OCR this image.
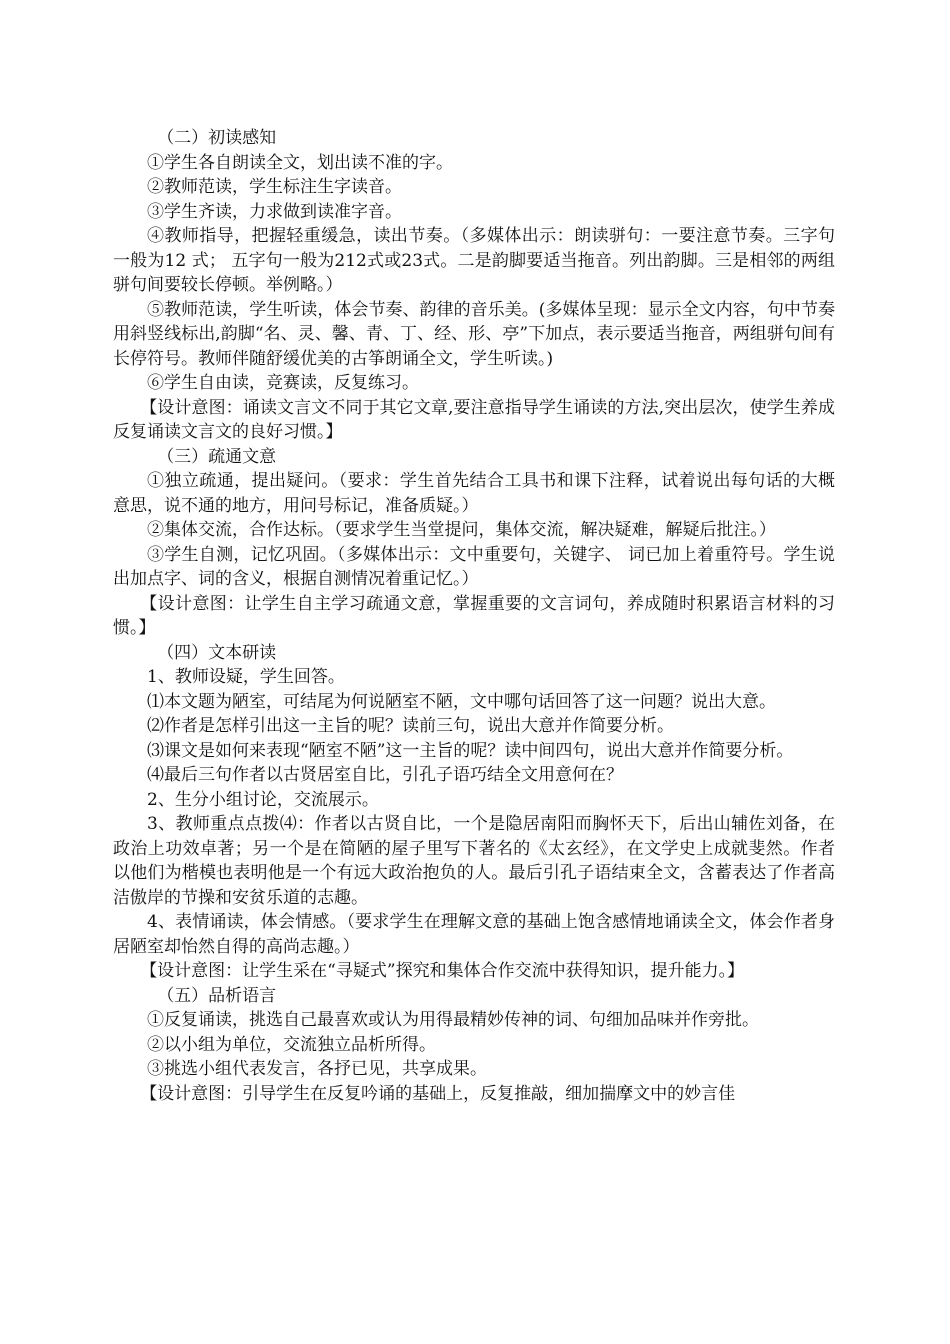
（二）初读感知

①学生各自朗读全文，划出读不准的字。

②教师范读，学生标注生字读音。

③学生齐读，力求做到读准字音。

④教师指导，把握轻重缓急，读出节奏。（多媒体出示：朗读骈句：一要注意节奏。三字句一般为12 式； 五字句一般为212式或23式。二是韵脚要适当拖音。列出韵脚。三是相邻的两组骈句间要较长停顿。举例略。）

⑤教师范读，学生听读，体会节奏、韵律的音乐美。(多媒体呈现：显示全文内容，句中节奏用斜竖线标出,韵脚“名、灵、馨、青、丁、经、形、亭”下加点，表示要适当拖音，两组骈句间有长停符号。教师伴随舒缓优美的古筝朗诵全文，学生听读。)

⑥学生自由读，竞赛读，反复练习。

【设计意图：诵读文言文不同于其它文章,要注意指导学生诵读的方法,突出层次，使学生养成反复诵读文言文的良好习惯。】

（三）疏通文意

①独立疏通，提出疑问。（要求：学生首先结合工具书和课下注释，试着说出每句话的大概意思，说不通的地方，用问号标记，准备质疑。）

②集体交流，合作达标。（要求学生当堂提问，集体交流，解决疑难，解疑后批注。）

③学生自测，记忆巩固。（多媒体出示：文中重要句，关键字、 词已加上着重符号。学生说出加点字、词的含义，根据自测情况着重记忆。）

【设计意图：让学生自主学习疏通文意，掌握重要的文言词句，养成随时积累语言材料的习惯。】

（四）文本研读

1、教师设疑，学生回答。

⑴本文题为陋室，可结尾为何说陋室不陋，文中哪句话回答了这一问题？说出大意。

⑵作者是怎样引出这一主旨的呢？读前三句，说出大意并作简要分析。

⑶课文是如何来表现“陋室不陋”这一主旨的呢？读中间四句，说出大意并作简要分析。

⑷最后三句作者以古贤居室自比，引孔子语巧结全文用意何在？

2、生分小组讨论，交流展示。

3、教师重点点拨⑷：作者以古贤自比，一个是隐居南阳而胸怀天下，后出山辅佐刘备，在政治上功效卓著；另一个是在简陋的屋子里写下著名的《太玄经》，在文学史上成就斐然。作者以他们为楷模也表明他是一个有远大政治抱负的人。最后引孔子语结束全文，含蓄表达了作者高洁傲岸的节操和安贫乐道的志趣。

4、表情诵读，体会情感。（要求学生在理解文意的基础上饱含感情地诵读全文，体会作者身居陋室却怡然自得的高尚志趣。）

【设计意图：让学生采在“寻疑式”探究和集体合作交流中获得知识，提升能力。】

（五）品析语言

①反复诵读，挑选自己最喜欢或认为用得最精妙传神的词、句细加品味并作旁批。

②以小组为单位，交流独立品析所得。

③挑选小组代表发言，各抒已见，共享成果。

【设计意图：引导学生在反复吟诵的基础上，反复推敲，细加揣摩文中的妙言佳
